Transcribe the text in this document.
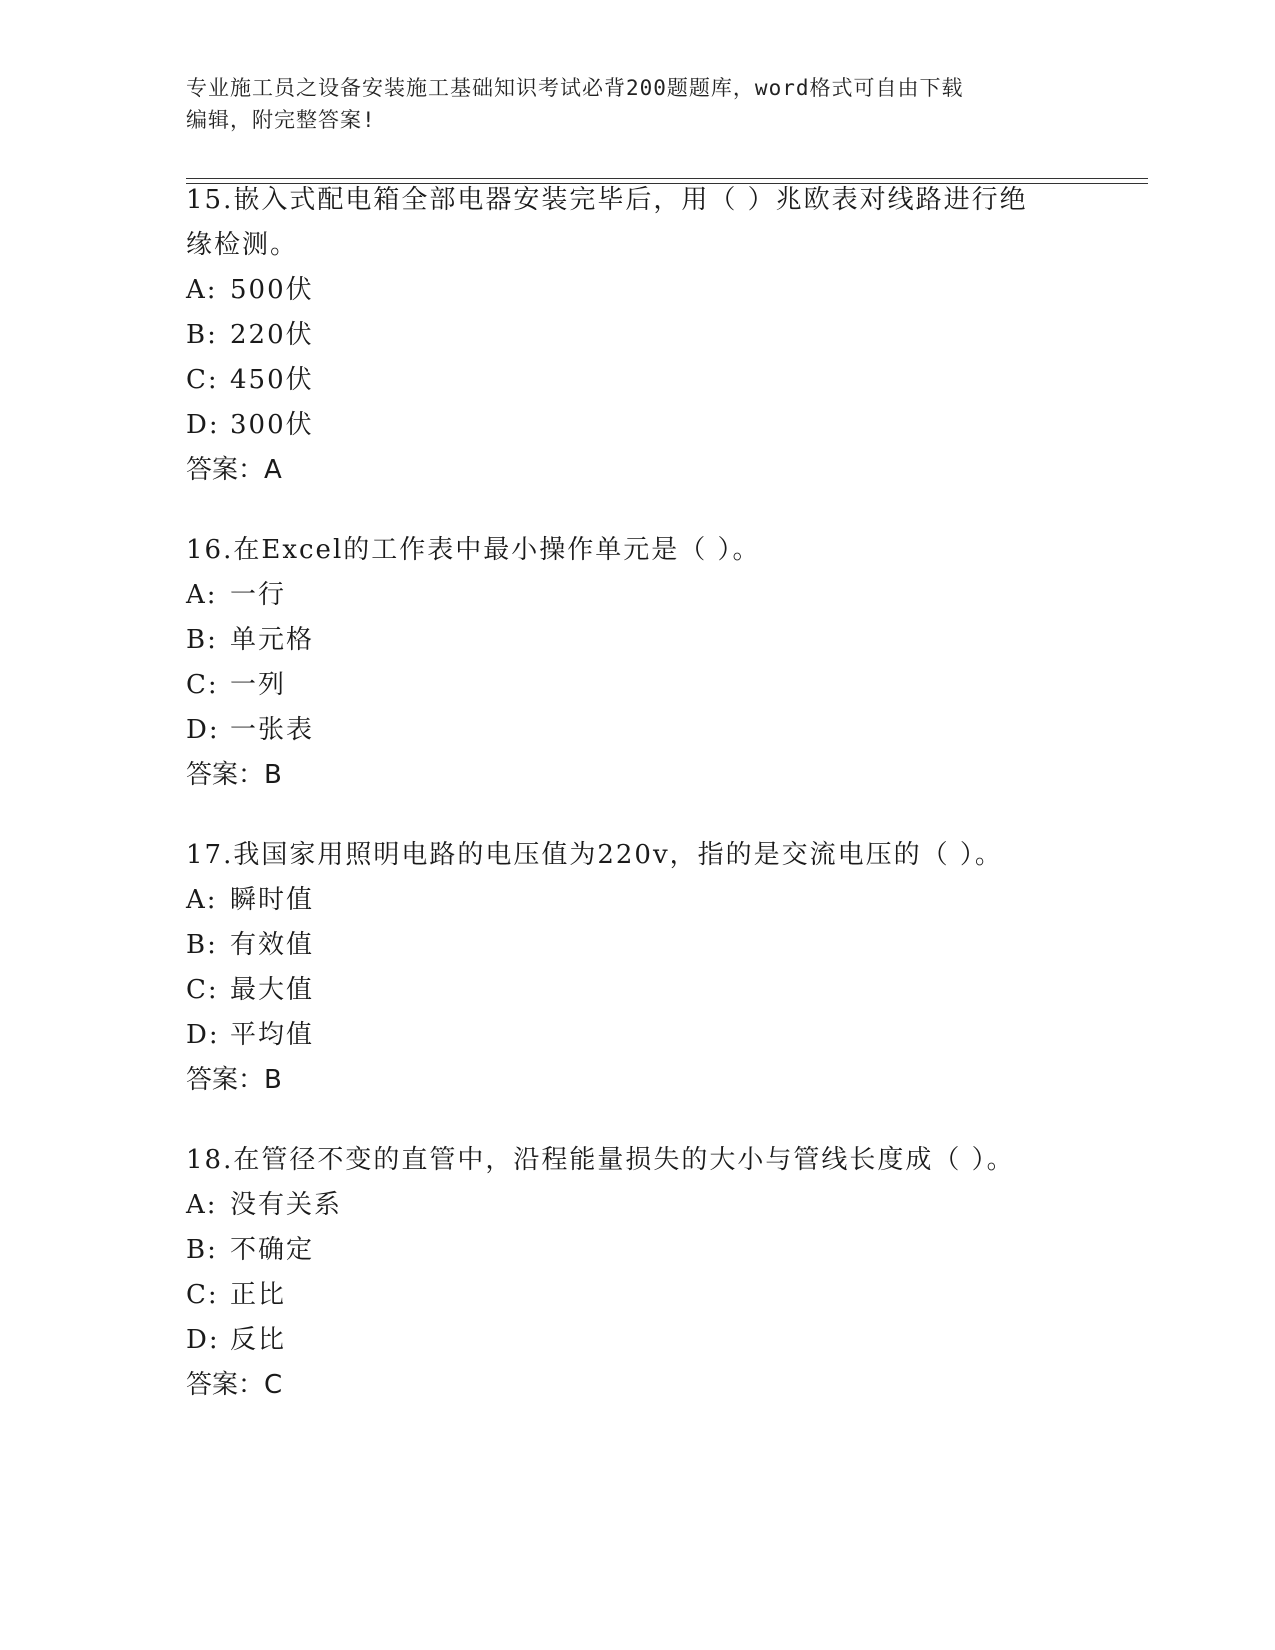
专业施工员之设备安装施工基础知识考试必背200题题库，word格式可自由下载
编辑，附完整答案!

15.嵌入式配电箱全部电器安装完毕后，用（ ）兆欧表对线路进行绝

缘检测。

A: 500伏
B: 220伏
C: 450伏
D: 300伏
答案：A

16.在Excel的工作表中最小操作单元是（ ）。

A: 一行
B: 单元格
C: 一列
D: 一张表
答案：B

17.我国家用照明电路的电压值为220v，指的是交流电压的（ ）。

A: 瞬时值
B: 有效值
C: 最大值
D: 平均值
答案：B

18.在管径不变的直管中，沿程能量损失的大小与管线长度成（ ）。

A: 没有关系
B: 不确定
C: 正比
D: 反比
答案：C
